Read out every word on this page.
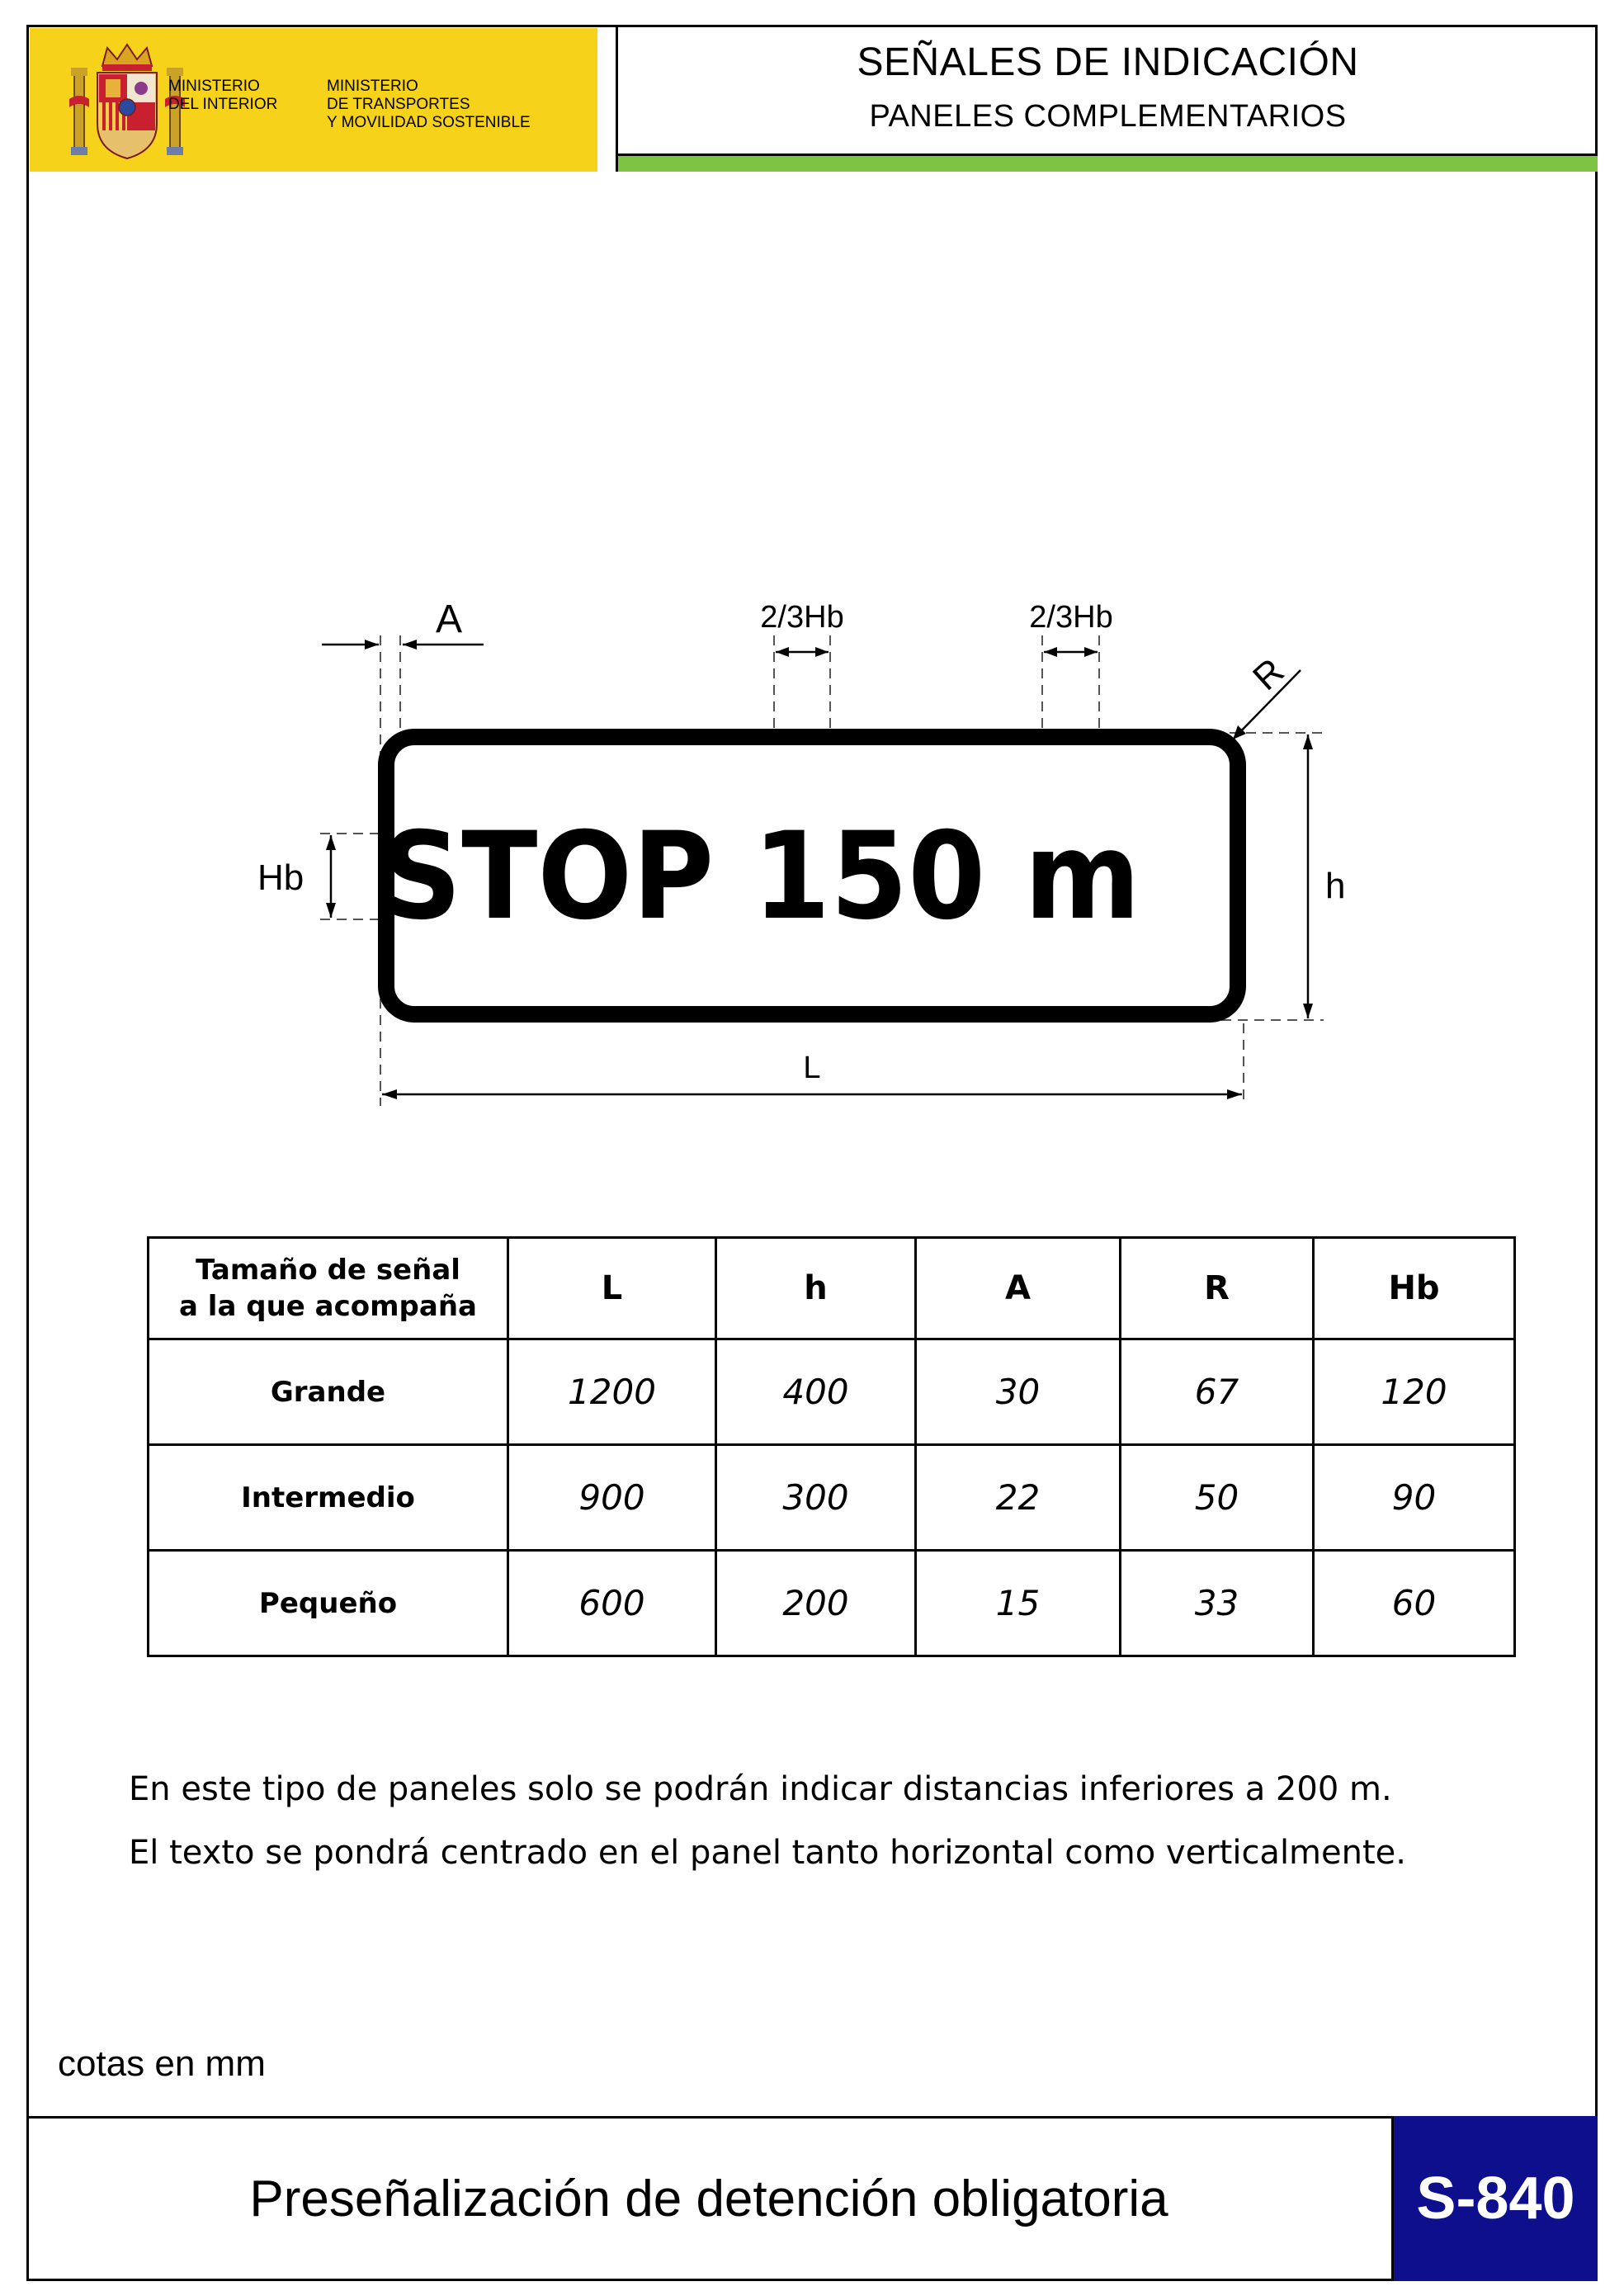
MINISTERIO
DEL INTERIOR
MINISTERIO
DE TRANSPORTES
Y MOVILIDAD SOSTENIBLE
SEÑALES DE INDICACIÓN
PANELES COMPLEMENTARIOS
STOP 150 m
A	2/3Hb	2/3Hb
R
Hb	h
L
Tamaño de señal
a la que acompaña	L	h	A	R	Hb
Grande	1200	400	30	67	120
Intermedio	900	300	22	50	90
Pequeño	600	200	15	33	60
En este tipo de paneles solo se podrán indicar distancias inferiores a 200 m.
El texto se pondrá centrado en el panel tanto horizontal como verticalmente.
cotas en mm
Preseñalización de detención obligatoria	S-840
